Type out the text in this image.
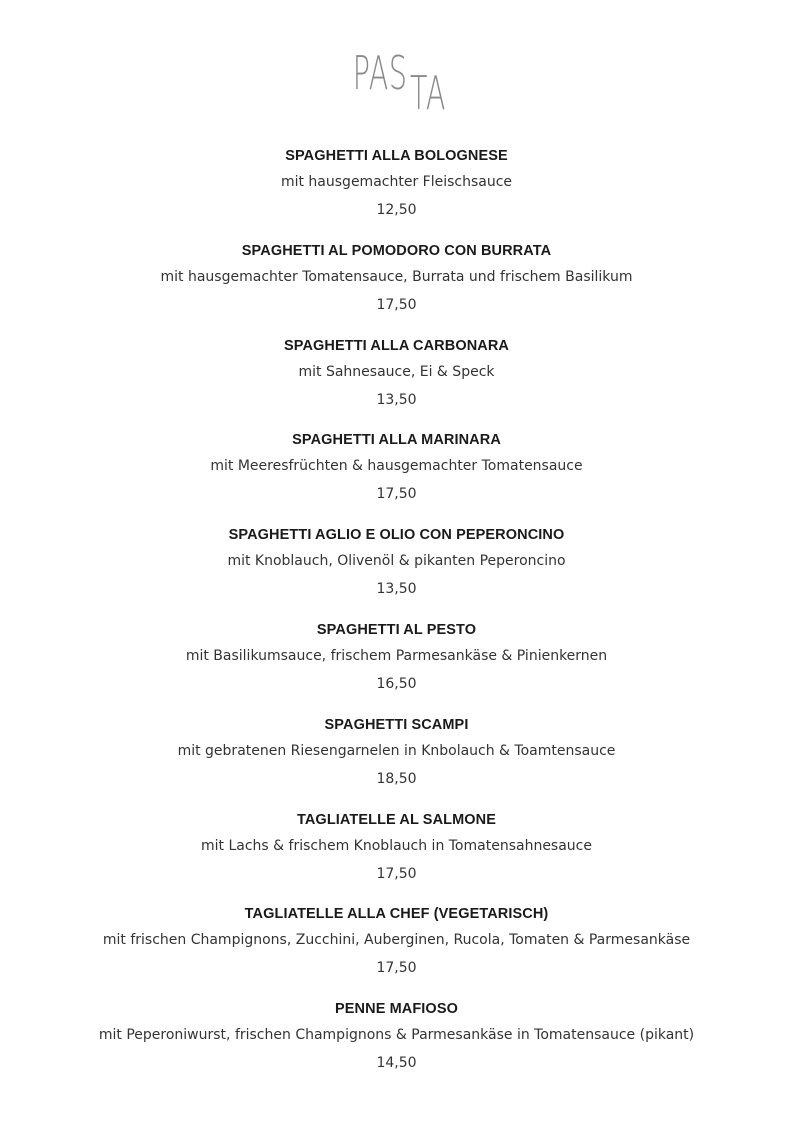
PASTA
SPAGHETTI ALLA BOLOGNESE
mit hausgemachter Fleischsauce
12,50
SPAGHETTI AL POMODORO CON BURRATA
mit hausgemachter Tomatensauce, Burrata und frischem Basilikum
17,50
SPAGHETTI ALLA CARBONARA
mit Sahnesauce, Ei & Speck
13,50
SPAGHETTI ALLA MARINARA
mit Meeresfrüchten & hausgemachter Tomatensauce
17,50
SPAGHETTI AGLIO E OLIO CON PEPERONCINO
mit Knoblauch, Olivenöl & pikanten Peperoncino
13,50
SPAGHETTI AL PESTO
mit Basilikumsauce, frischem Parmesankäse & Pinienkernen
16,50
SPAGHETTI SCAMPI
mit gebratenen Riesengarnelen in Knbolauch & Toamtensauce
18,50
TAGLIATELLE AL SALMONE
mit Lachs & frischem Knoblauch in Tomatensahnesauce
17,50
TAGLIATELLE ALLA CHEF (VEGETARISCH)
mit frischen Champignons, Zucchini, Auberginen, Rucola, Tomaten & Parmesankäse
17,50
PENNE MAFIOSO
mit Peperoniwurst, frischen Champignons & Parmesankäse in Tomatensauce (pikant)
14,50
